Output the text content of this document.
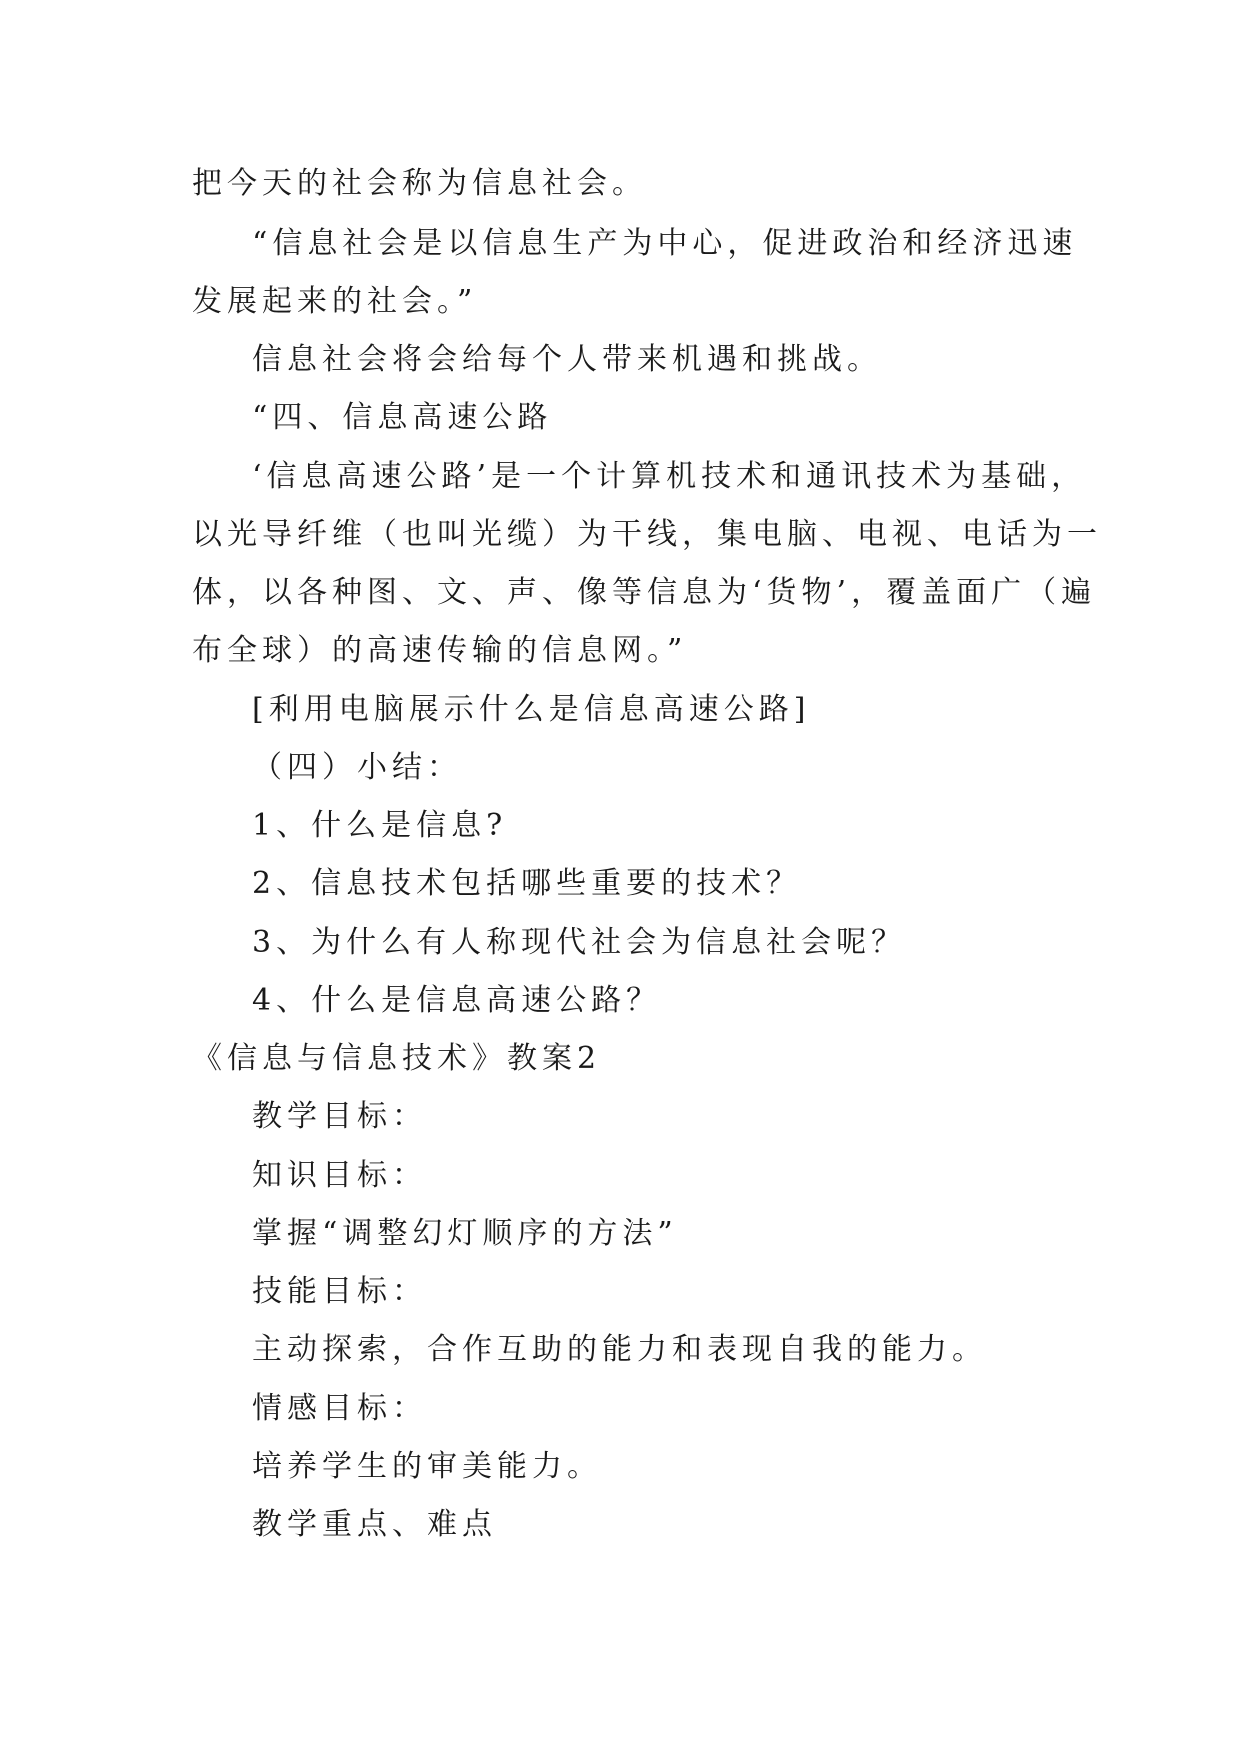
把今天的社会称为信息社会。
“信息社会是以信息生产为中心，促进政治和经济迅速
发展起来的社会。”
信息社会将会给每个人带来机遇和挑战。
“四、信息高速公路
‘信息高速公路’是一个计算机技术和通讯技术为基础，
以光导纤维（也叫光缆）为干线，集电脑、电视、电话为一
体，以各种图、文、声、像等信息为‘货物’，覆盖面广（遍
布全球）的高速传输的信息网。”
[利用电脑展示什么是信息高速公路]
（四）小结：
1、什么是信息?
2、信息技术包括哪些重要的技术？
3、为什么有人称现代社会为信息社会呢？
4、什么是信息高速公路？
《信息与信息技术》教案2
教学目标：
知识目标：
掌握“调整幻灯顺序的方法”
技能目标：
主动探索，合作互助的能力和表现自我的能力。
情感目标：
培养学生的审美能力。
教学重点、难点
